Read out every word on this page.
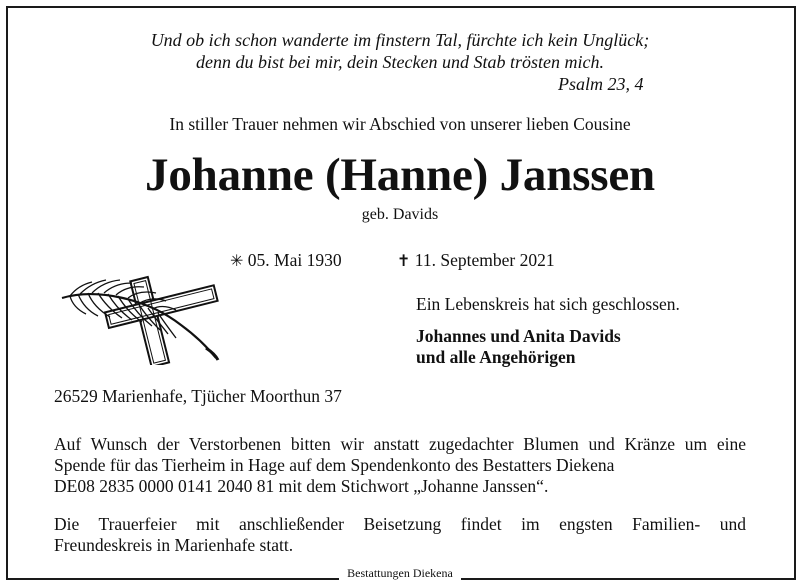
Und ob ich schon wanderte im finstern Tal, fürchte ich kein Unglück;
denn du bist bei mir, dein Stecken und Stab trösten mich.
Psalm 23, 4
In stiller Trauer nehmen wir Abschied von unserer lieben Cousine
Johanne (Hanne) Janssen
geb. Davids
✳ 05. Mai 1930	✝ 11. September 2021
Ein Lebenskreis hat sich geschlossen.
Johannes und Anita Davids
und alle Angehörigen
26529 Marienhafe, Tjücher Moorthun 37
Auf Wunsch der Verstorbenen bitten wir anstatt zugedachter Blumen und Kränze um eine
Spende für das Tierheim in Hage auf dem Spendenkonto des Bestatters Diekena
DE08 2835 0000 0141 2040 81 mit dem Stichwort „Johanne Janssen“.
Die Trauerfeier mit anschließender Beisetzung findet im engsten Familien- und
Freundeskreis in Marienhafe statt.
Bestattungen Diekena
